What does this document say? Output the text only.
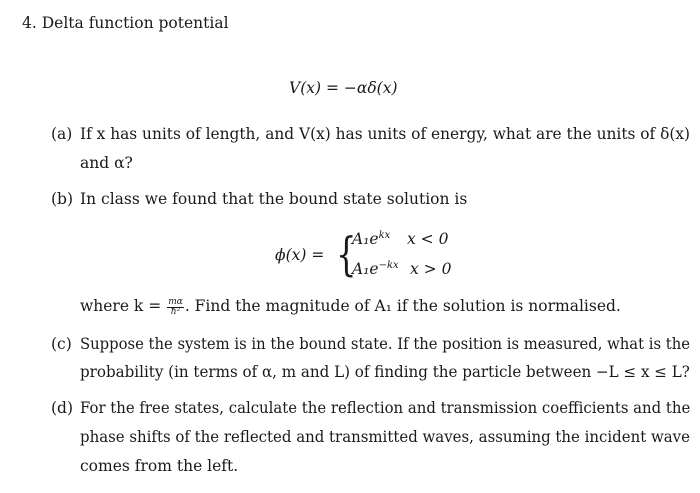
4. Delta function potential
V(x) = −αδ(x)
(a) If x has units of length, and V(x) has units of energy, what are the units of δ(x)
and α?
(b) In class we found that the bound state solution is
ϕ(x) = {
$A_1e^{kx}$ x < 0
$A_1e^{-kx}$ x > 0
where $k = \frac{m\alpha}{\text{ħ²}}$ . Find the magnitude of A₁ if the solution is normalised.
(c) Suppose the system is in the bound state. If the position is measured, what is the
probability (in terms of α, m and L) of finding the particle between −L ≤ x ≤ L?
(d) For the free states, calculate the reflection and transmission coefficients and the
phase shifts of the reflected and transmitted waves, assuming the incident wave
comes from the left.
